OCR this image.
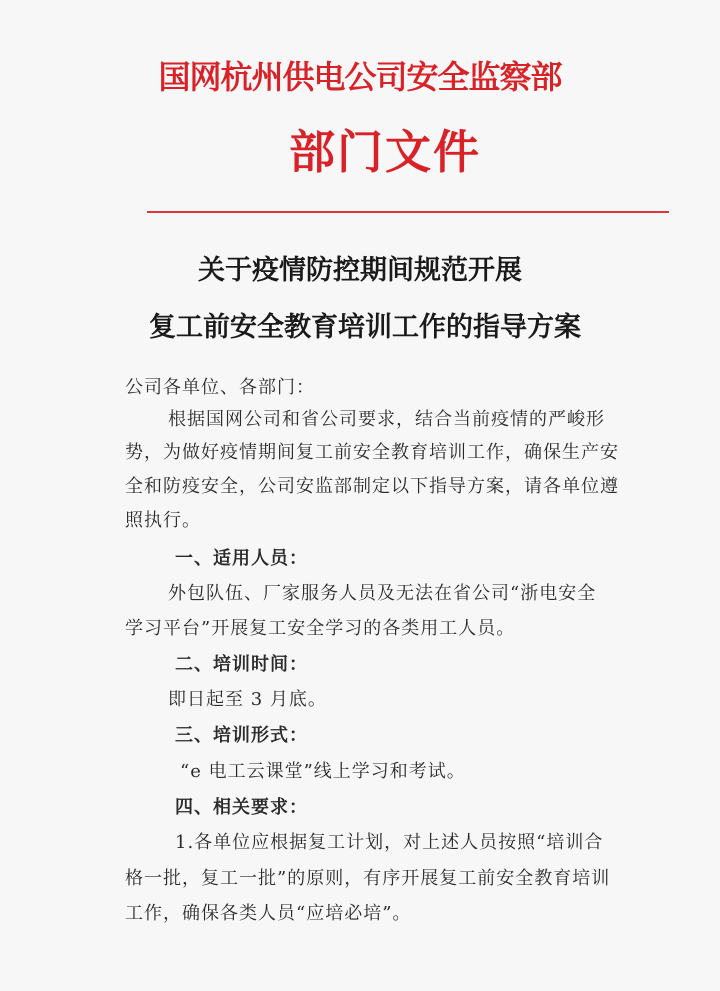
国网杭州供电公司安全监察部
部门文件
关于疫情防控期间规范开展
复工前安全教育培训工作的指导方案
公司各单位、各部门：
根据国网公司和省公司要求，结合当前疫情的严峻形
势，为做好疫情期间复工前安全教育培训工作，确保生产安
全和防疫安全，公司安监部制定以下指导方案，请各单位遵
照执行。
一、适用人员：
外包队伍、厂家服务人员及无法在省公司“浙电安全
学习平台”开展复工安全学习的各类用工人员。
二、培训时间：
即日起至 3 月底。
三、培训形式：
“e 电工云课堂”线上学习和考试。
四、相关要求：
1.各单位应根据复工计划，对上述人员按照“培训合
格一批，复工一批”的原则，有序开展复工前安全教育培训
工作，确保各类人员“应培必培”。
